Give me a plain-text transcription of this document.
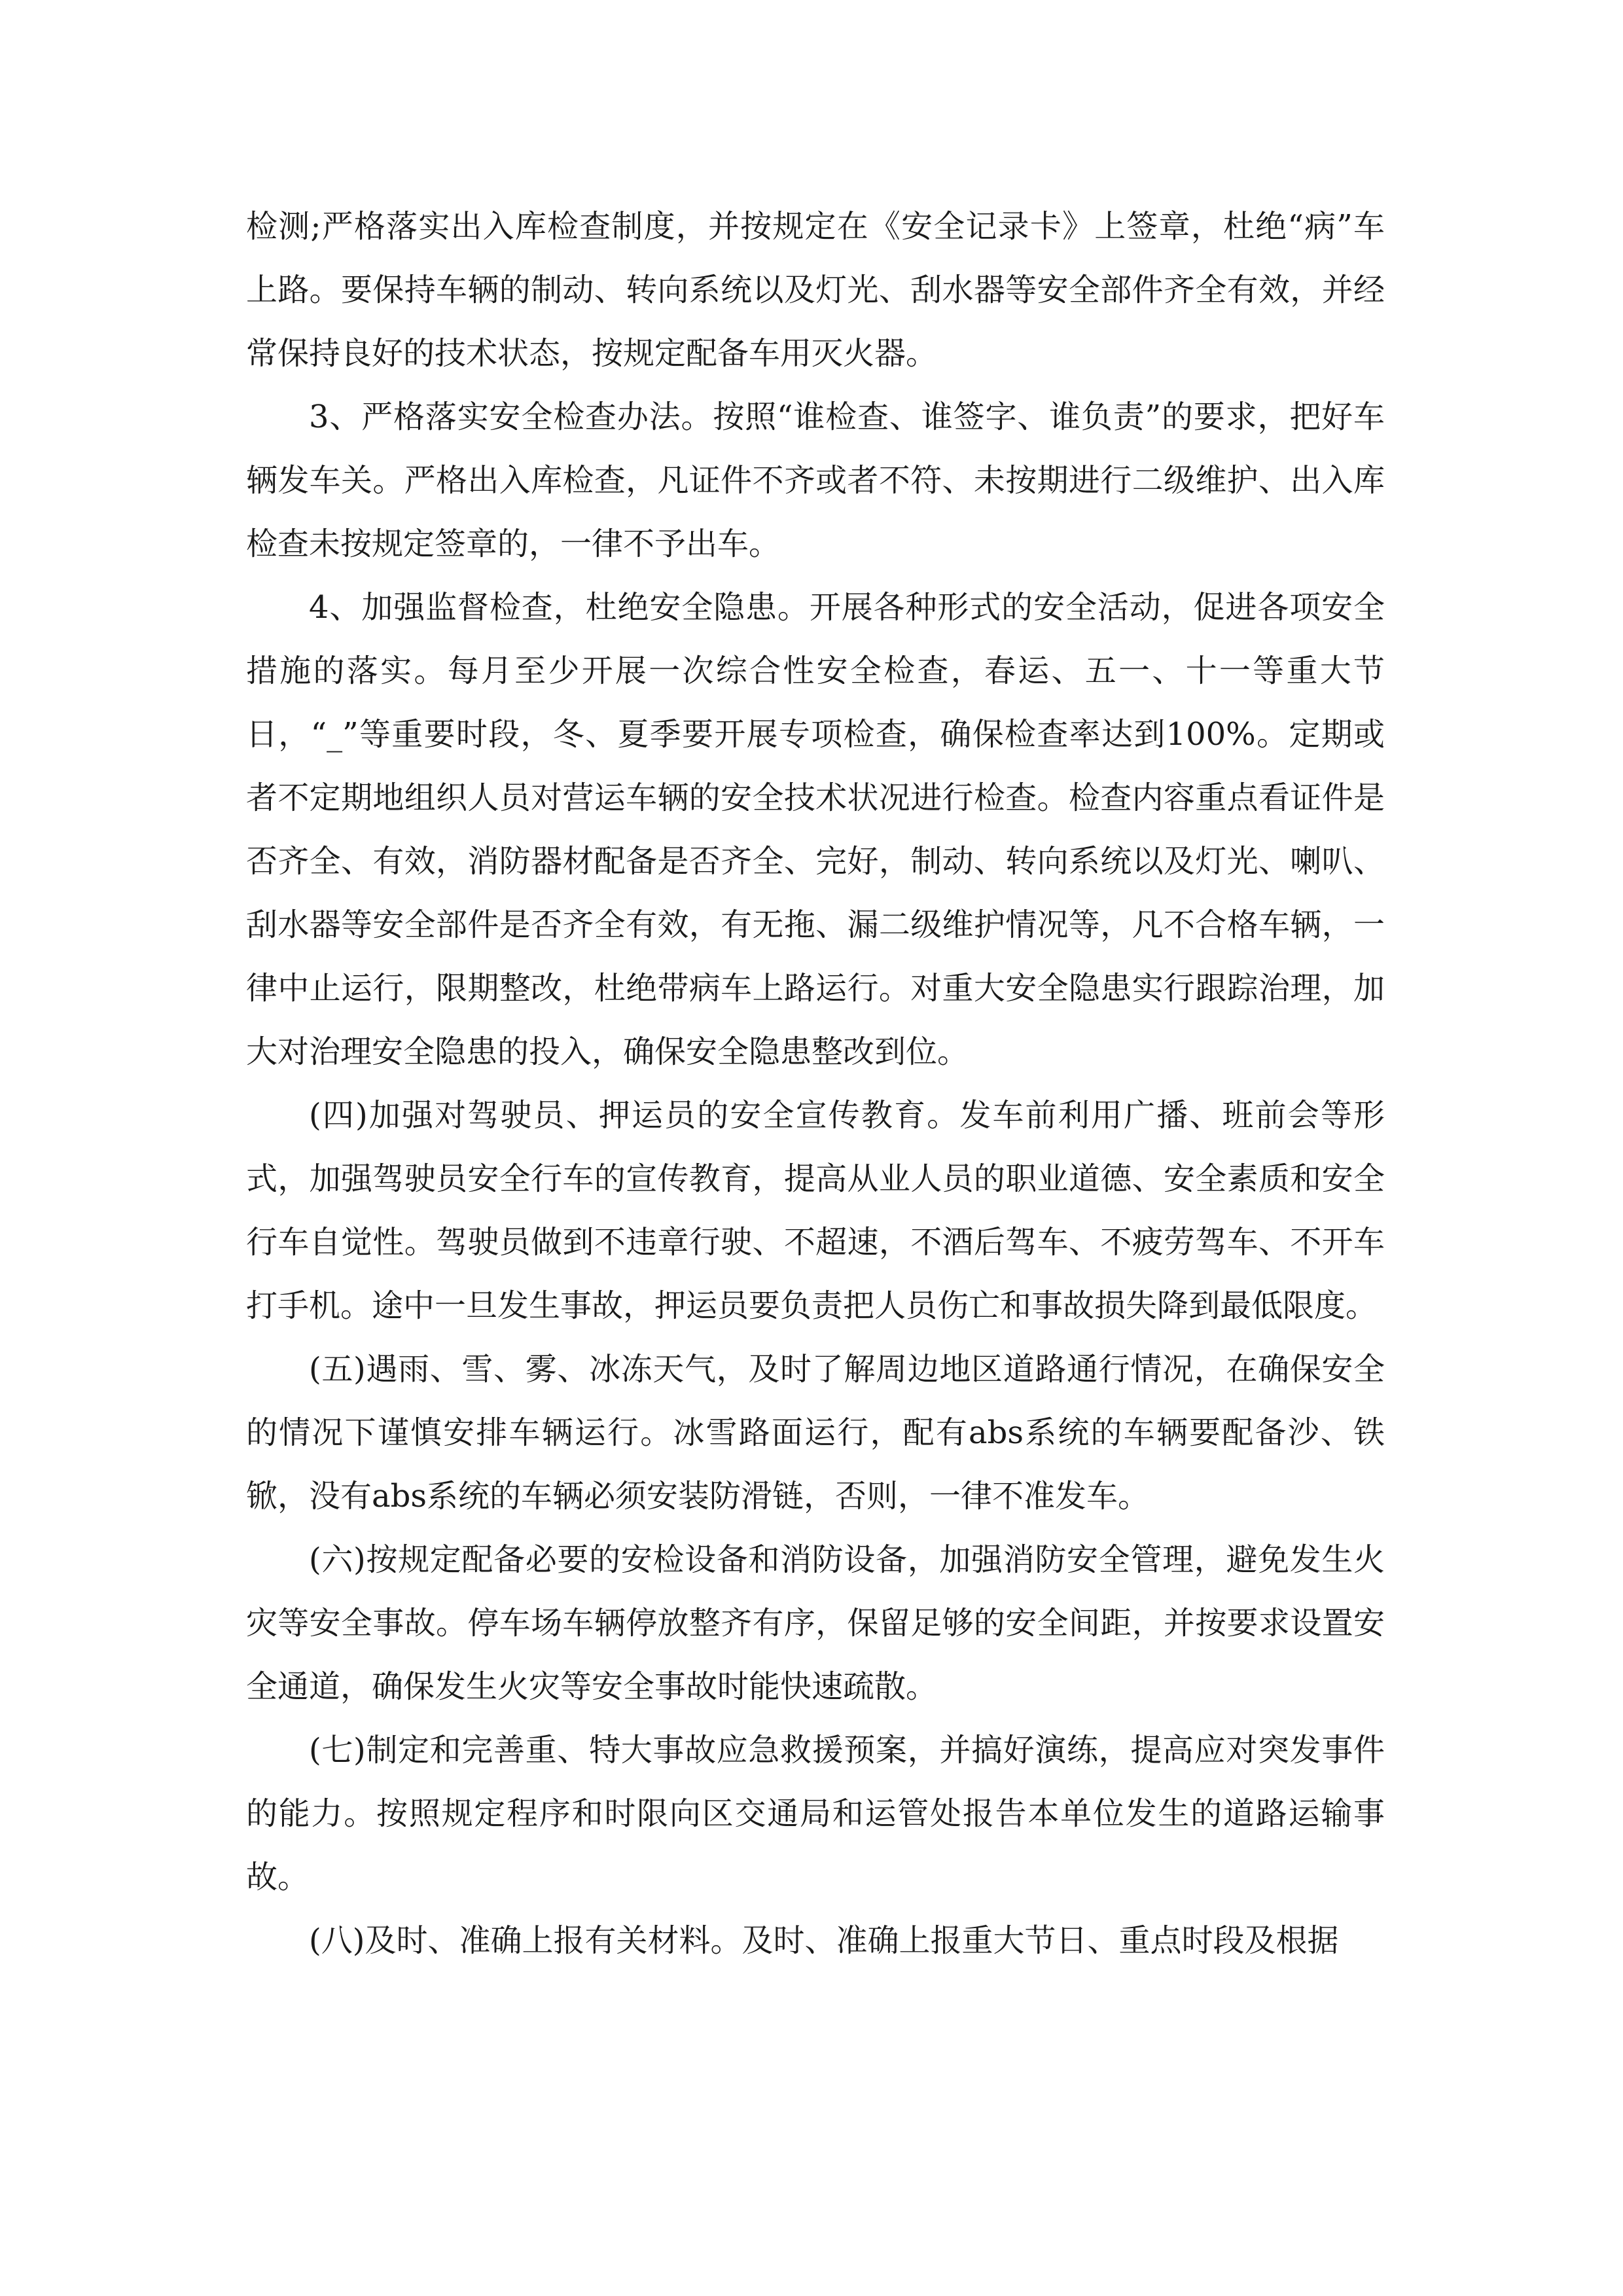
检测;严格落实出入库检查制度，并按规定在《安全记录卡》上签章，杜绝“病”车上路。要保持车辆的制动、转向系统以及灯光、刮水器等安全部件齐全有效，并经常保持良好的技术状态，按规定配备车用灭火器。

3、严格落实安全检查办法。按照“谁检查、谁签字、谁负责”的要求，把好车辆发车关。严格出入库检查，凡证件不齐或者不符、未按期进行二级维护、出入库检查未按规定签章的，一律不予出车。

4、加强监督检查，杜绝安全隐患。开展各种形式的安全活动，促进各项安全措施的落实。每月至少开展一次综合性安全检查，春运、五一、十一等重大节日，“_”等重要时段，冬、夏季要开展专项检查，确保检查率达到100%。定期或者不定期地组织人员对营运车辆的安全技术状况进行检查。检查内容重点看证件是否齐全、有效，消防器材配备是否齐全、完好，制动、转向系统以及灯光、喇叭、刮水器等安全部件是否齐全有效，有无拖、漏二级维护情况等，凡不合格车辆，一律中止运行，限期整改，杜绝带病车上路运行。对重大安全隐患实行跟踪治理，加大对治理安全隐患的投入，确保安全隐患整改到位。

(四)加强对驾驶员、押运员的安全宣传教育。发车前利用广播、班前会等形式，加强驾驶员安全行车的宣传教育，提高从业人员的职业道德、安全素质和安全行车自觉性。驾驶员做到不违章行驶、不超速，不酒后驾车、不疲劳驾车、不开车打手机。途中一旦发生事故，押运员要负责把人员伤亡和事故损失降到最低限度。

(五)遇雨、雪、雾、冰冻天气，及时了解周边地区道路通行情况，在确保安全的情况下谨慎安排车辆运行。冰雪路面运行，配有abs系统的车辆要配备沙、铁锨，没有abs系统的车辆必须安装防滑链，否则，一律不准发车。

(六)按规定配备必要的安检设备和消防设备，加强消防安全管理，避免发生火灾等安全事故。停车场车辆停放整齐有序，保留足够的安全间距，并按要求设置安全通道，确保发生火灾等安全事故时能快速疏散。

(七)制定和完善重、特大事故应急救援预案，并搞好演练，提高应对突发事件的能力。按照规定程序和时限向区交通局和运管处报告本单位发生的道路运输事故。

(八)及时、准确上报有关材料。及时、准确上报重大节日、重点时段及根据
